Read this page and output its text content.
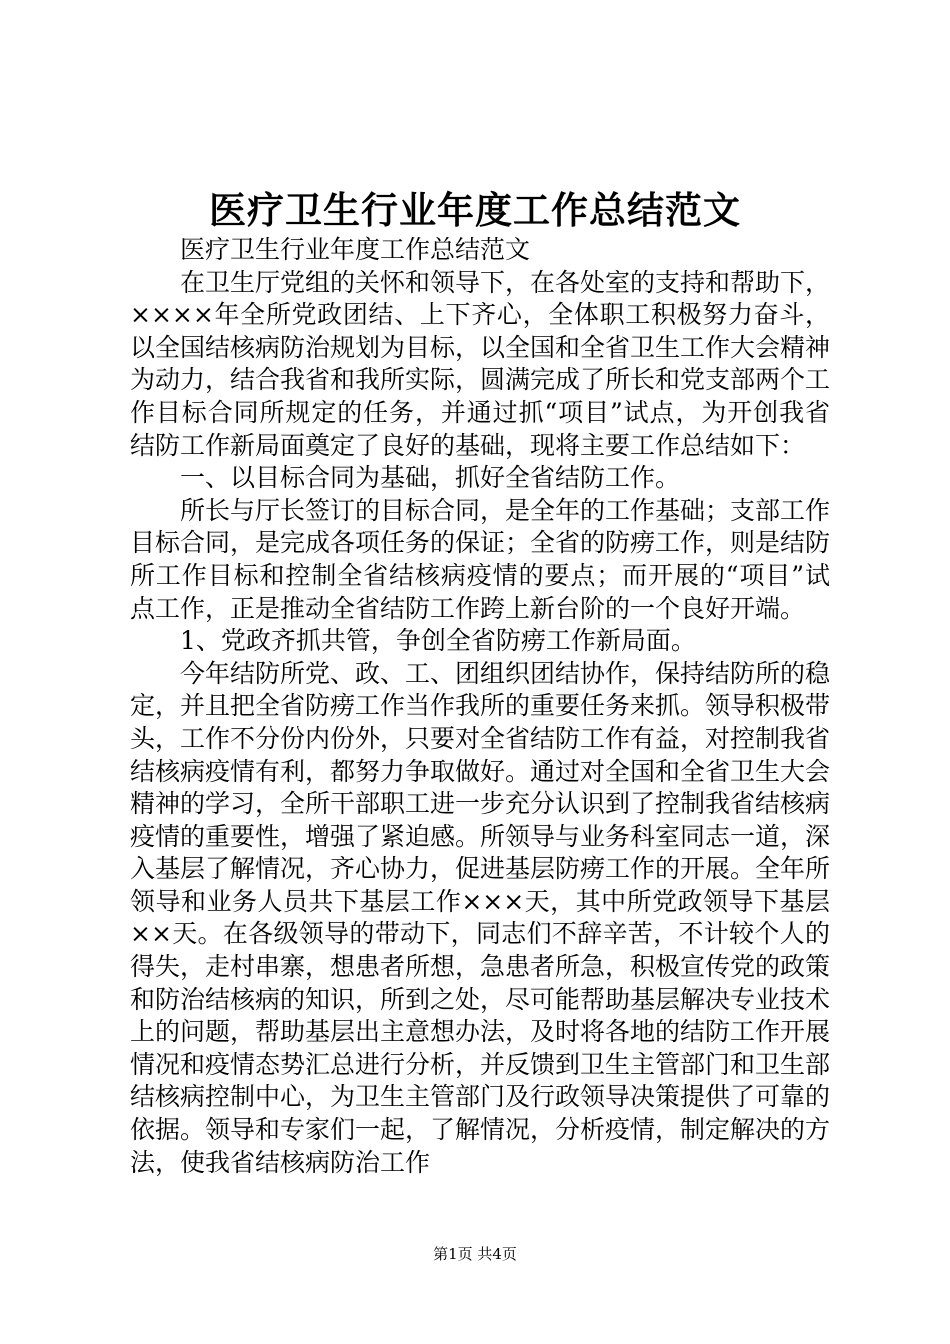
医疗卫生行业年度工作总结范文

医疗卫生行业年度工作总结范文

在卫生厅党组的关怀和领导下，在各处室的支持和帮助下，××××年全所党政团结、上下齐心，全体职工积极努力奋斗，以全国结核病防治规划为目标，以全国和全省卫生工作大会精神为动力，结合我省和我所实际，圆满完成了所长和党支部两个工作目标合同所规定的任务，并通过抓“项目”试点，为开创我省结防工作新局面奠定了良好的基础，现将主要工作总结如下：

一、以目标合同为基础，抓好全省结防工作。

所长与厅长签订的目标合同，是全年的工作基础；支部工作目标合同，是完成各项任务的保证；全省的防痨工作，则是结防所工作目标和控制全省结核病疫情的要点；而开展的“项目”试点工作，正是推动全省结防工作跨上新台阶的一个良好开端。

1、党政齐抓共管，争创全省防痨工作新局面。

今年结防所党、政、工、团组织团结协作，保持结防所的稳定，并且把全省防痨工作当作我所的重要任务来抓。领导积极带头，工作不分份内份外，只要对全省结防工作有益，对控制我省结核病疫情有利，都努力争取做好。通过对全国和全省卫生大会精神的学习，全所干部职工进一步充分认识到了控制我省结核病疫情的重要性，增强了紧迫感。所领导与业务科室同志一道，深入基层了解情况，齐心协力，促进基层防痨工作的开展。全年所领导和业务人员共下基层工作×××天，其中所党政领导下基层××天。在各级领导的带动下，同志们不辞辛苦，不计较个人的得失，走村串寨，想患者所想，急患者所急，积极宣传党的政策和防治结核病的知识，所到之处，尽可能帮助基层解决专业技术上的问题，帮助基层出主意想办法，及时将各地的结防工作开展情况和疫情态势汇总进行分析，并反馈到卫生主管部门和卫生部结核病控制中心，为卫生主管部门及行政领导决策提供了可靠的依据。领导和专家们一起，了解情况，分析疫情，制定解决的方法，使我省结核病防治工作

第1页 共4页
